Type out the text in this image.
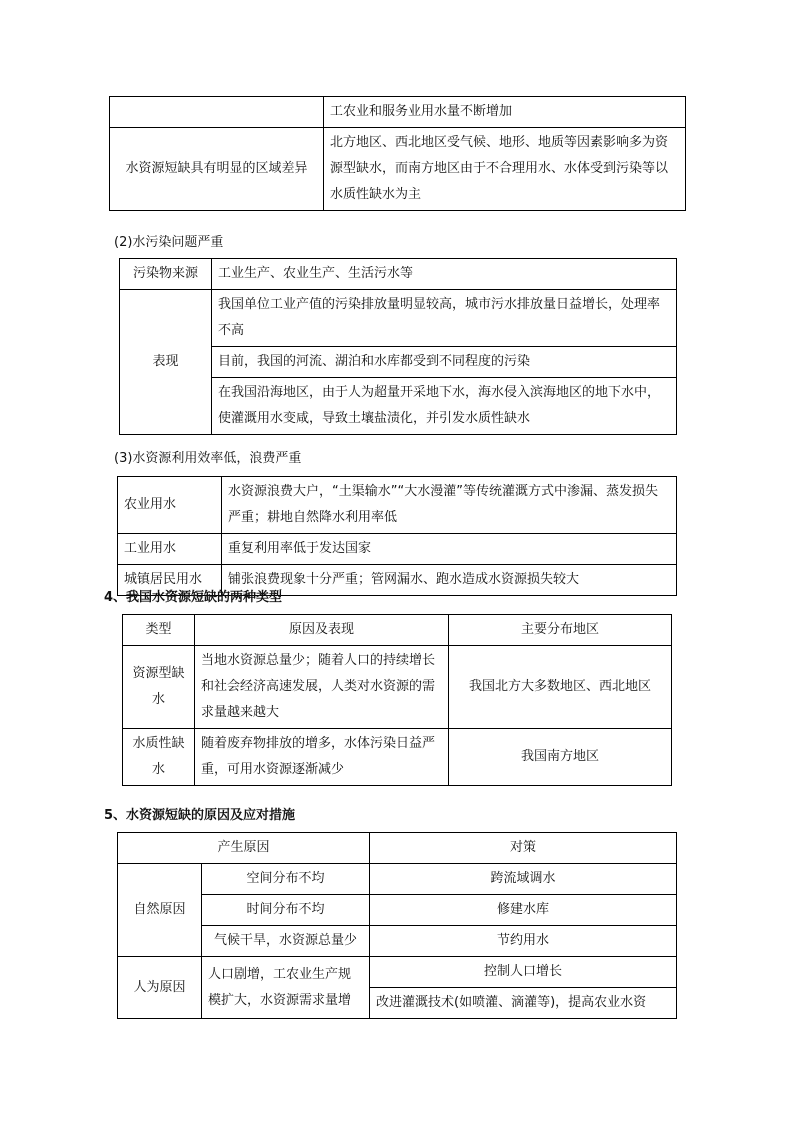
	工农业和服务业用水量不断增加
水资源短缺具有明显的区域差异	北方地区、西北地区受气候、地形、地质等因素影响多为资源型缺水，而南方地区由于不合理用水、水体受到污染等以水质性缺水为主
(2)水污染问题严重
污染物来源	工业生产、农业生产、生活污水等
表现	我国单位工业产值的污染排放量明显较高，城市污水排放量日益增长，处理率不高
	目前，我国的河流、湖泊和水库都受到不同程度的污染
	在我国沿海地区，由于人为超量开采地下水，海水侵入滨海地区的地下水中，使灌溉用水变咸，导致土壤盐渍化，并引发水质性缺水
(3)水资源利用效率低，浪费严重
农业用水	水资源浪费大户，“土渠输水”“大水漫灌”等传统灌溉方式中渗漏、蒸发损失严重；耕地自然降水利用率低
工业用水	重复利用率低于发达国家
城镇居民用水	铺张浪费现象十分严重；管网漏水、跑水造成水资源损失较大
4、我国水资源短缺的两种类型
类型	原因及表现	主要分布地区
资源型缺水	当地水资源总量少；随着人口的持续增长和社会经济高速发展，人类对水资源的需求量越来越大	我国北方大多数地区、西北地区
水质性缺水	随着废弃物排放的增多，水体污染日益严重，可用水资源逐渐减少	我国南方地区
5、水资源短缺的原因及应对措施
产生原因		对策
自然原因	空间分布不均	跨流域调水
	时间分布不均	修建水库
	气候干旱，水资源总量少	节约用水
人为原因	人口剧增，工农业生产规模扩大，水资源需求量增	控制人口增长
		改进灌溉技术(如喷灌、滴灌等)，提高农业水资
